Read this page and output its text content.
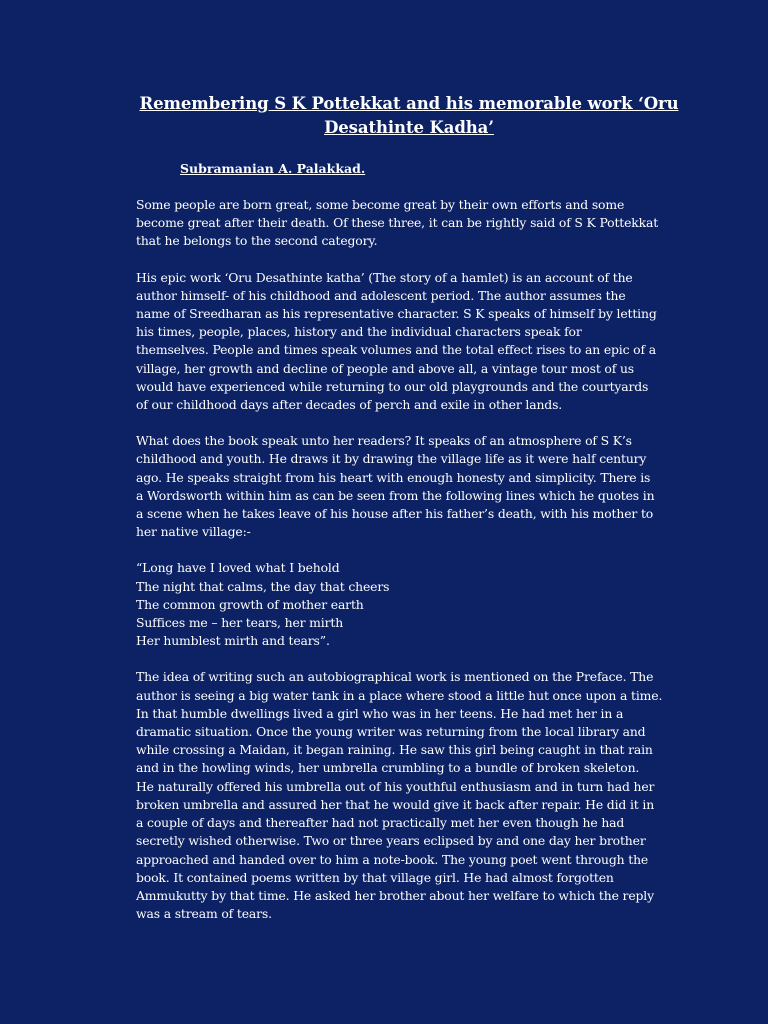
Remembering S K Pottekkat and his memorable work ‘Oru
Desathinte Kadha’
Subramanian A. Palakkad.

Some people are born great, some become great by their own efforts and some
become great after their death. Of these three, it can be rightly said of S K Pottekkat
that he belongs to the second category.

His epic work ‘Oru Desathinte katha’ (The story of a hamlet) is an account of the
author himself- of his childhood and adolescent period. The author assumes the
name of Sreedharan as his representative character. S K speaks of himself by letting
his times, people, places, history and the individual characters speak for
themselves. People and times speak volumes and the total effect rises to an epic of a
village, her growth and decline of people and above all, a vintage tour most of us
would have experienced while returning to our old playgrounds and the courtyards
of our childhood days after decades of perch and exile in other lands.

What does the book speak unto her readers? It speaks of an atmosphere of S K’s
childhood and youth. He draws it by drawing the village life as it were half century
ago. He speaks straight from his heart with enough honesty and simplicity. There is
a Wordsworth within him as can be seen from the following lines which he quotes in
a scene when he takes leave of his house after his father’s death, with his mother to
her native village:-

“Long have I loved what I behold
The night that calms, the day that cheers
The common growth of mother earth
Suffices me – her tears, her mirth
Her humblest mirth and tears”.

The idea of writing such an autobiographical work is mentioned on the Preface. The
author is seeing a big water tank in a place where stood a little hut once upon a time.
In that humble dwellings lived a girl who was in her teens. He had met her in a
dramatic situation. Once the young writer was returning from the local library and
while crossing a Maidan, it began raining. He saw this girl being caught in that rain
and in the howling winds, her umbrella crumbling to a bundle of broken skeleton.
He naturally offered his umbrella out of his youthful enthusiasm and in turn had her
broken umbrella and assured her that he would give it back after repair. He did it in
a couple of days and thereafter had not practically met her even though he had
secretly wished otherwise. Two or three years eclipsed by and one day her brother
approached and handed over to him a note-book. The young poet went through the
book. It contained poems written by that village girl. He had almost forgotten
Ammukutty by that time. He asked her brother about her welfare to which the reply
was a stream of tears.
